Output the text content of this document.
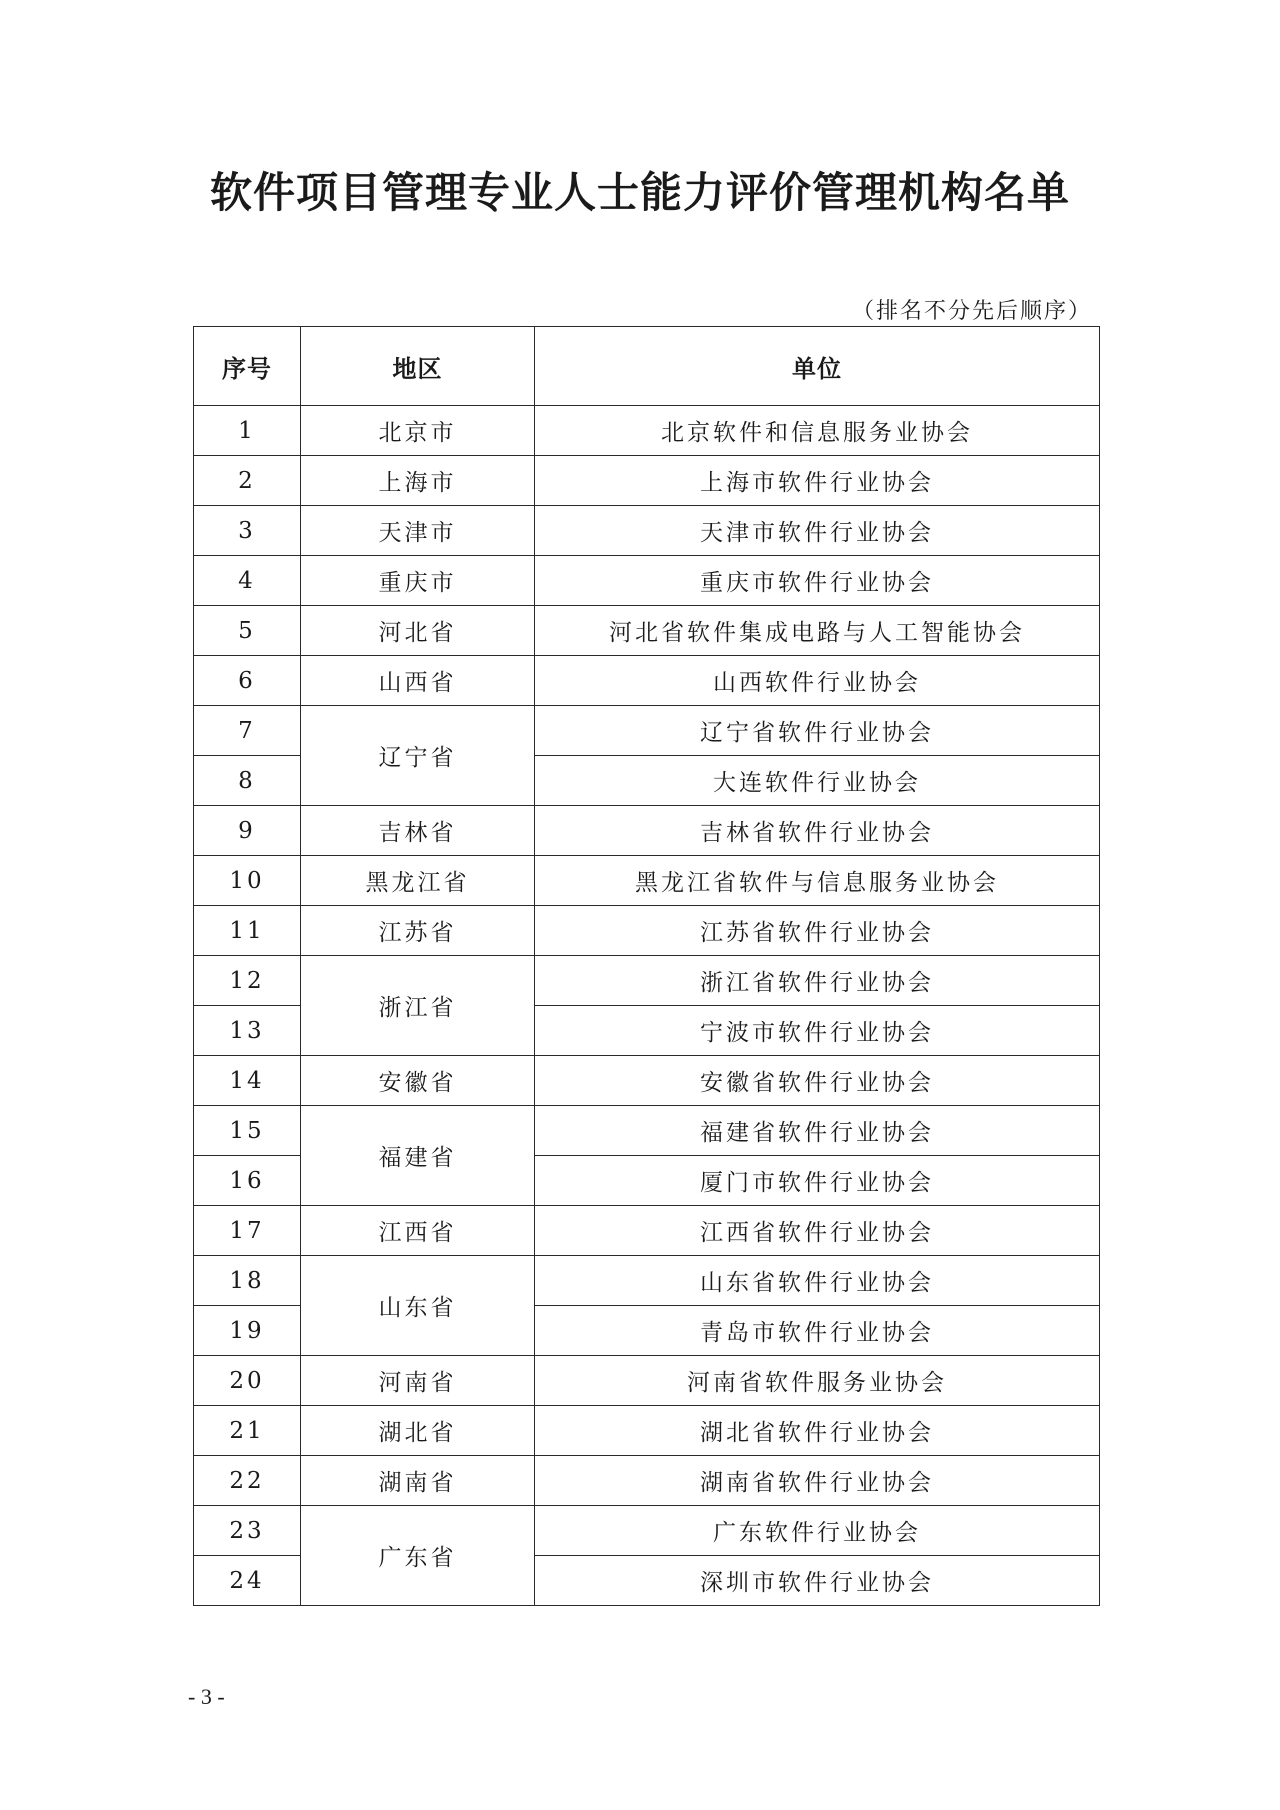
软件项目管理专业人士能力评价管理机构名单
（排名不分先后顺序）
序号	地区	单位
1	北京市	北京软件和信息服务业协会
2	上海市	上海市软件行业协会
3	天津市	天津市软件行业协会
4	重庆市	重庆市软件行业协会
5	河北省	河北省软件集成电路与人工智能协会
6	山西省	山西软件行业协会
7	辽宁省	辽宁省软件行业协会
8		大连软件行业协会
9	吉林省	吉林省软件行业协会
10	黑龙江省	黑龙江省软件与信息服务业协会
11	江苏省	江苏省软件行业协会
12	浙江省	浙江省软件行业协会
13		宁波市软件行业协会
14	安徽省	安徽省软件行业协会
15	福建省	福建省软件行业协会
16		厦门市软件行业协会
17	江西省	江西省软件行业协会
18	山东省	山东省软件行业协会
19		青岛市软件行业协会
20	河南省	河南省软件服务业协会
21	湖北省	湖北省软件行业协会
22	湖南省	湖南省软件行业协会
23	广东省	广东软件行业协会
24		深圳市软件行业协会
- 3 -
